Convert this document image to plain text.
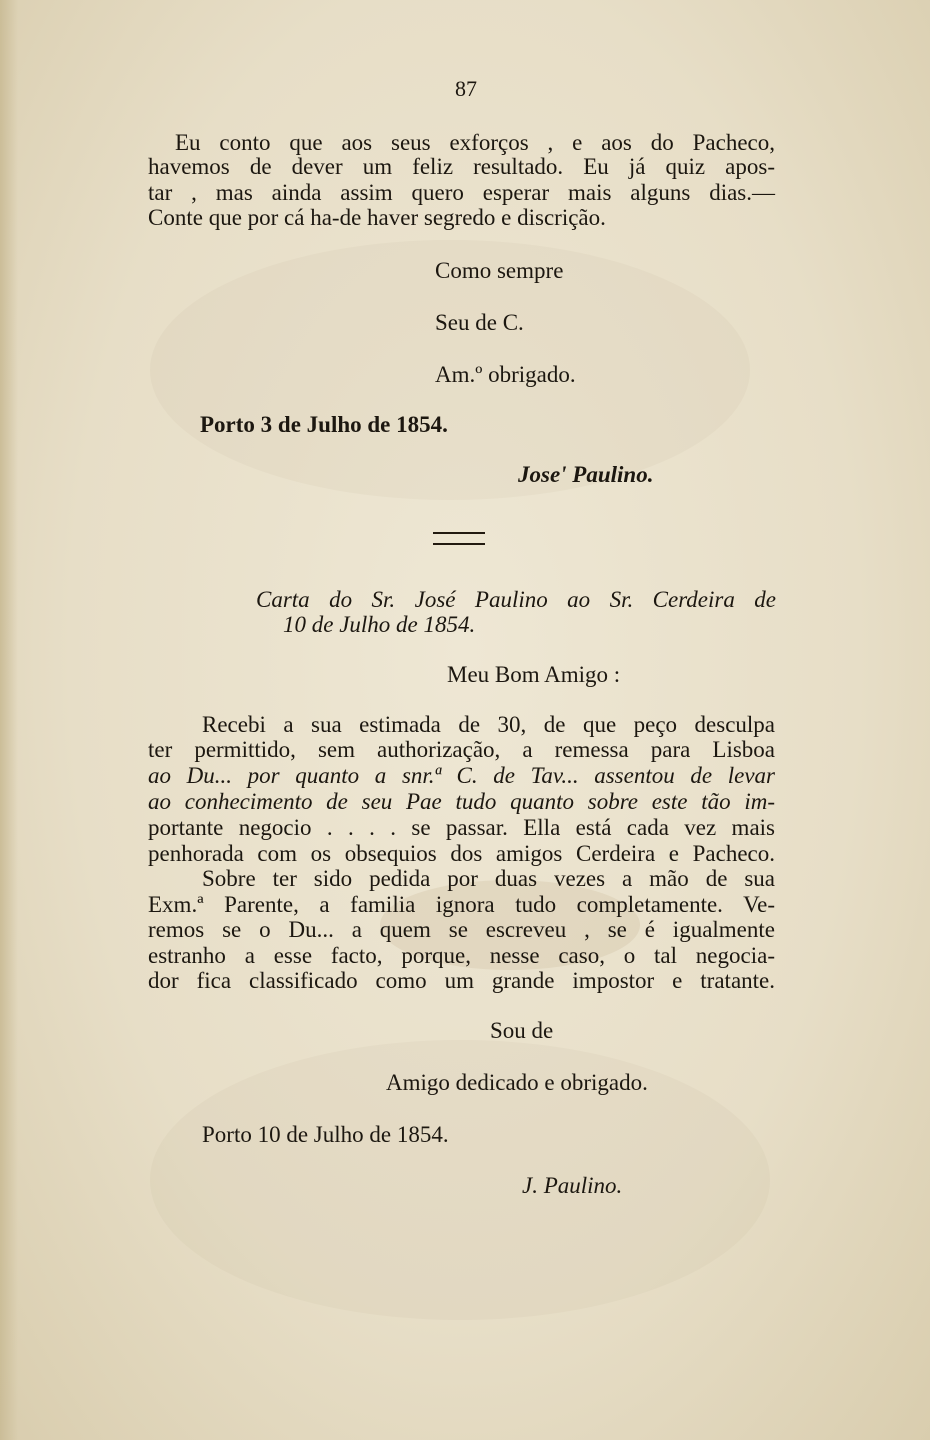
87
Eu conto que aos seus exforços , e aos do Pacheco,
havemos de dever um feliz resultado. Eu já quiz apos-
tar , mas ainda assim quero esperar mais alguns dias.—
Conte que por cá ha-de haver segredo e discrição.
Como sempre
Seu de C.
Am.º obrigado.
Porto 3 de Julho de 1854.
Jose' Paulino.
Carta do Sr. José Paulino ao Sr. Cerdeira de
10 de Julho de 1854.
Meu Bom Amigo :
Recebi a sua estimada de 30, de que peço desculpa
ter permittido, sem authorização, a remessa para Lisboa
ao Du... por quanto a snr.ª C. de Tav... assentou de levar
ao conhecimento de seu Pae tudo quanto sobre este tão im-
portante negocio . . . . se passar. Ella está cada vez mais
penhorada com os obsequios dos amigos Cerdeira e Pacheco.
Sobre ter sido pedida por duas vezes a mão de sua
Exm.ª Parente, a familia ignora tudo completamente. Ve-
remos se o Du... a quem se escreveu , se é igualmente
estranho a esse facto, porque, nesse caso, o tal negocia-
dor fica classificado como um grande impostor e tratante.
Sou de
Amigo dedicado e obrigado.
Porto 10 de Julho de 1854.
J. Paulino.
